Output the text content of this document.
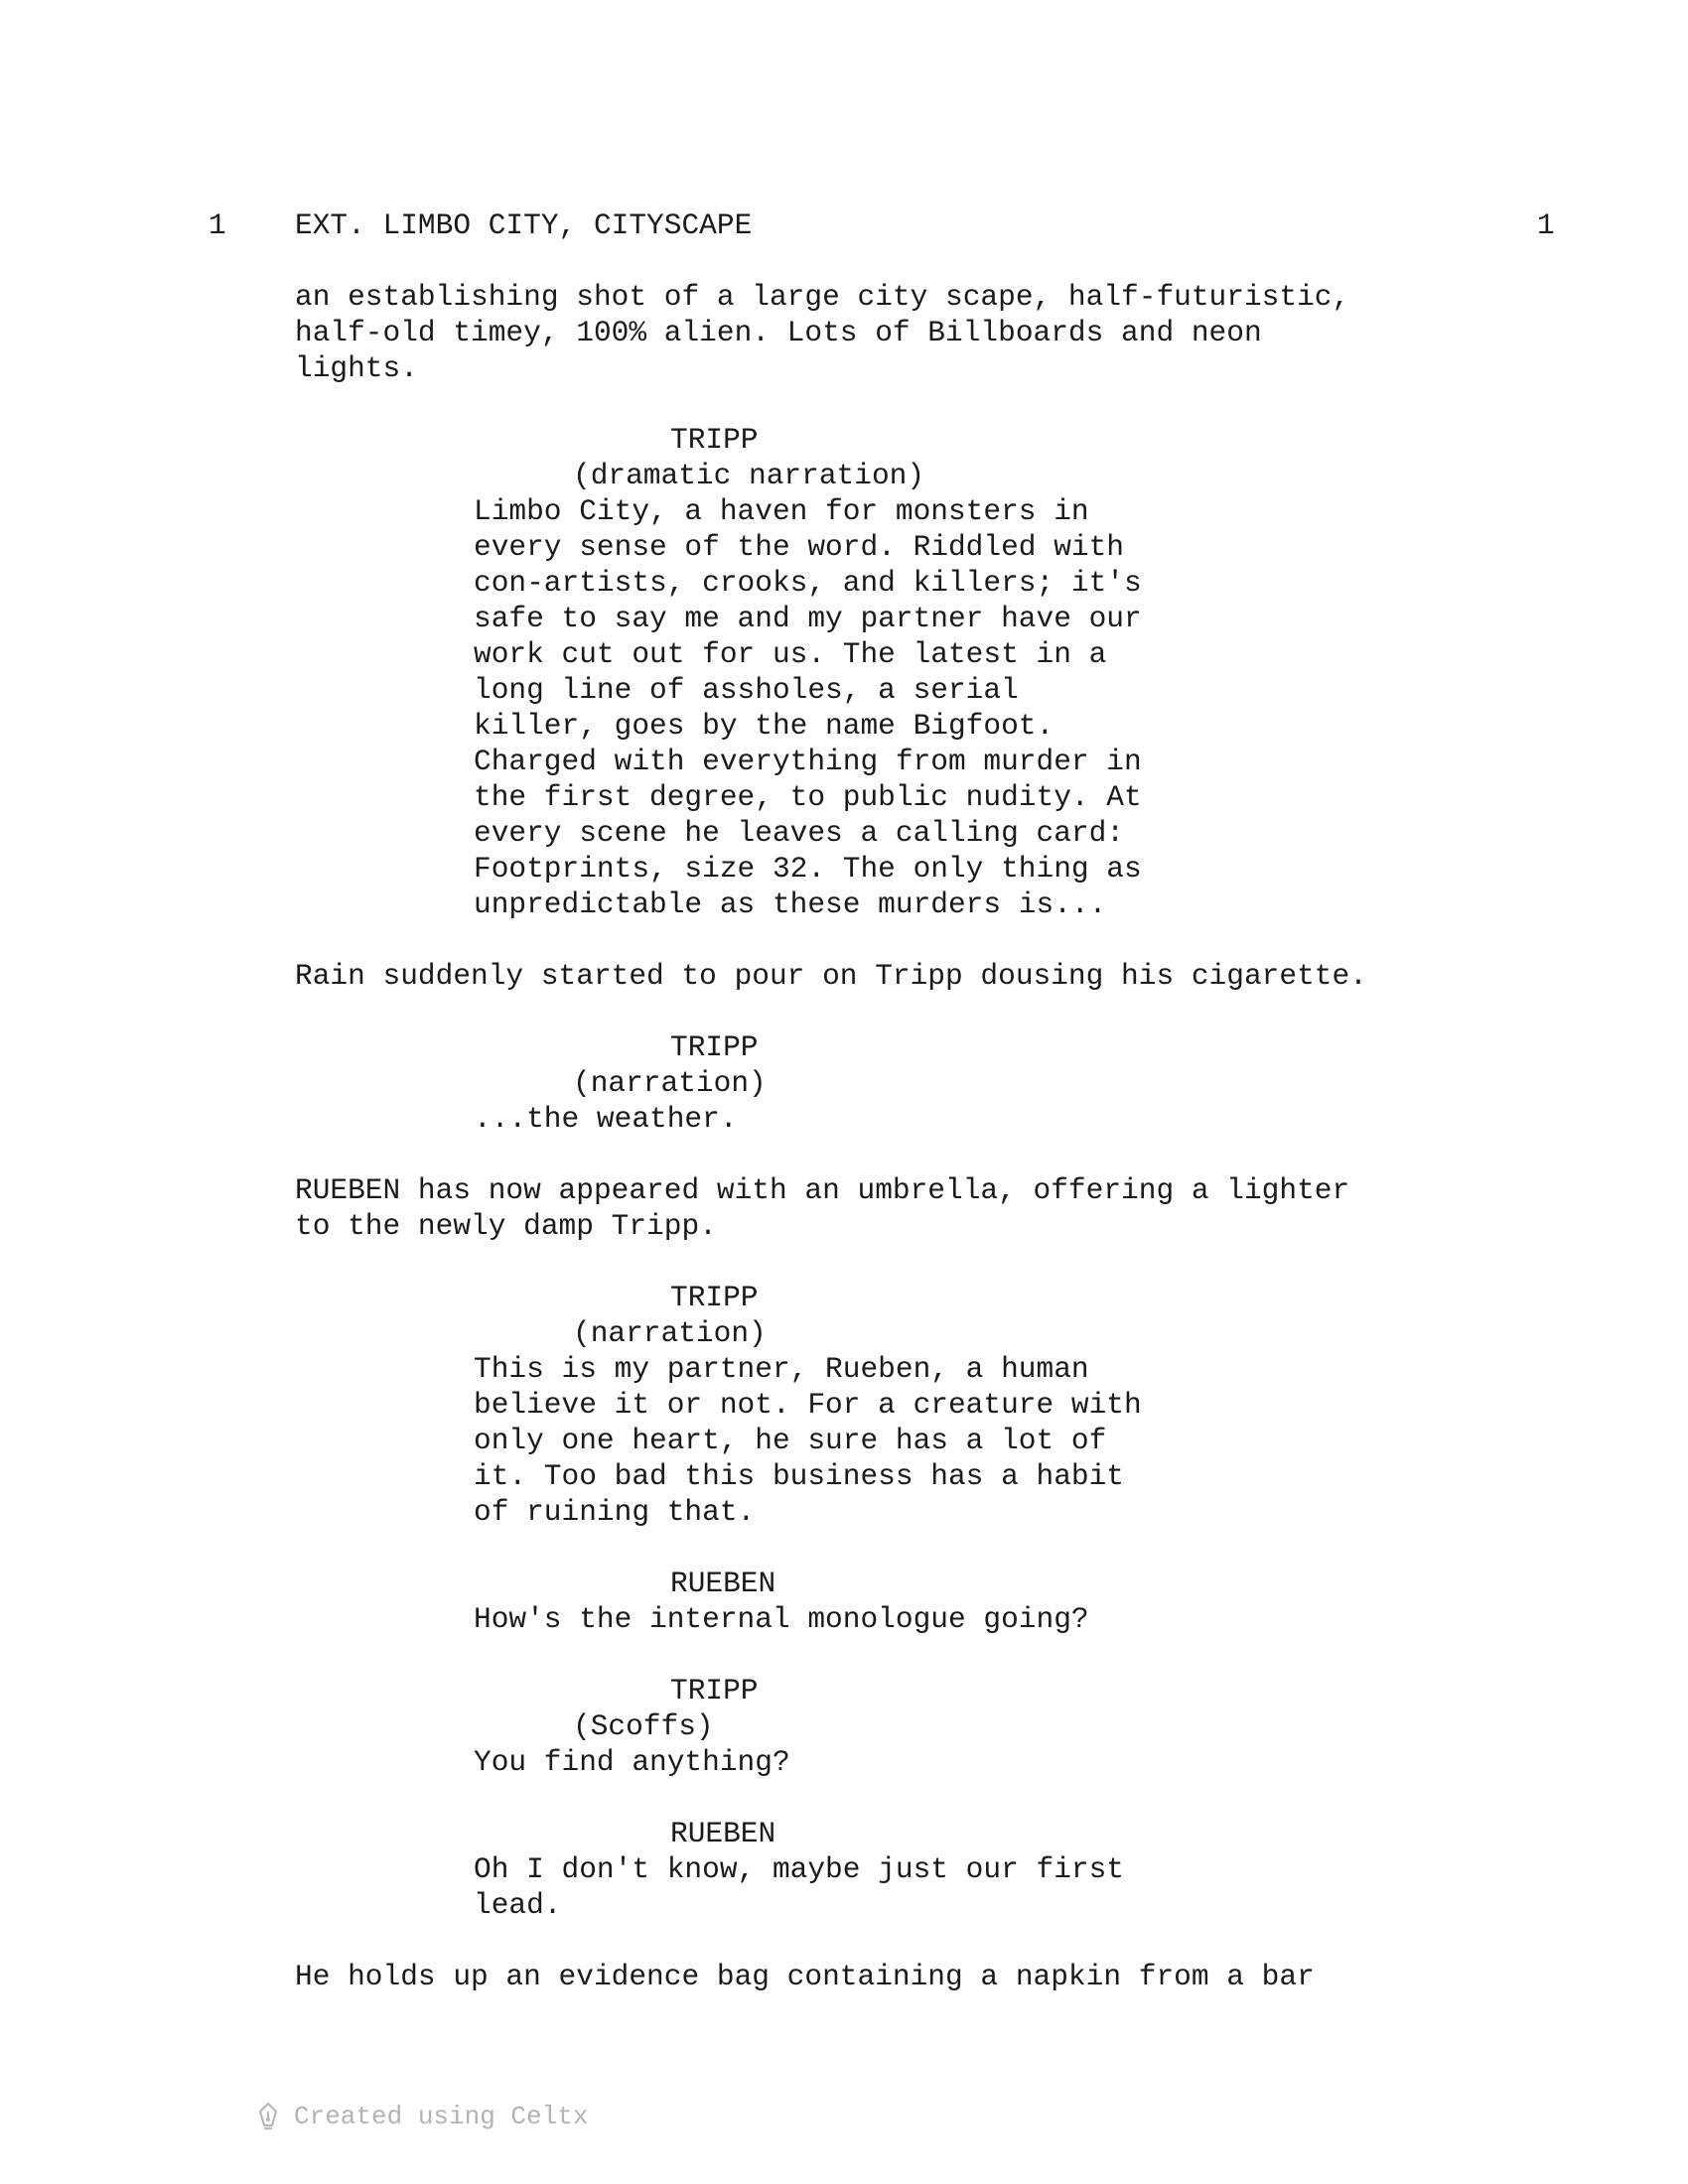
1 EXT. LIMBO CITY, CITYSCAPE	1
an establishing shot of a large city scape, half-futuristic,
half-old timey, 100% alien. Lots of Billboards and neon
lights.
TRIPP
(dramatic narration)
Limbo City, a haven for monsters in
every sense of the word. Riddled with
con-artists, crooks, and killers; it's
safe to say me and my partner have our
work cut out for us. The latest in a
long line of assholes, a serial
killer, goes by the name Bigfoot.
Charged with everything from murder in
the first degree, to public nudity. At
every scene he leaves a calling card:
Footprints, size 32. The only thing as
unpredictable as these murders is...
Rain suddenly started to pour on Tripp dousing his cigarette.
TRIPP
(narration)
...the weather.
RUEBEN has now appeared with an umbrella, offering a lighter
to the newly damp Tripp.
TRIPP
(narration)
This is my partner, Rueben, a human
believe it or not. For a creature with
only one heart, he sure has a lot of
it. Too bad this business has a habit
of ruining that.
RUEBEN
How's the internal monologue going?
TRIPP
(Scoffs)
You find anything?
RUEBEN
Oh I don't know, maybe just our first
lead.
He holds up an evidence bag containing a napkin from a bar
Created using Celtx
